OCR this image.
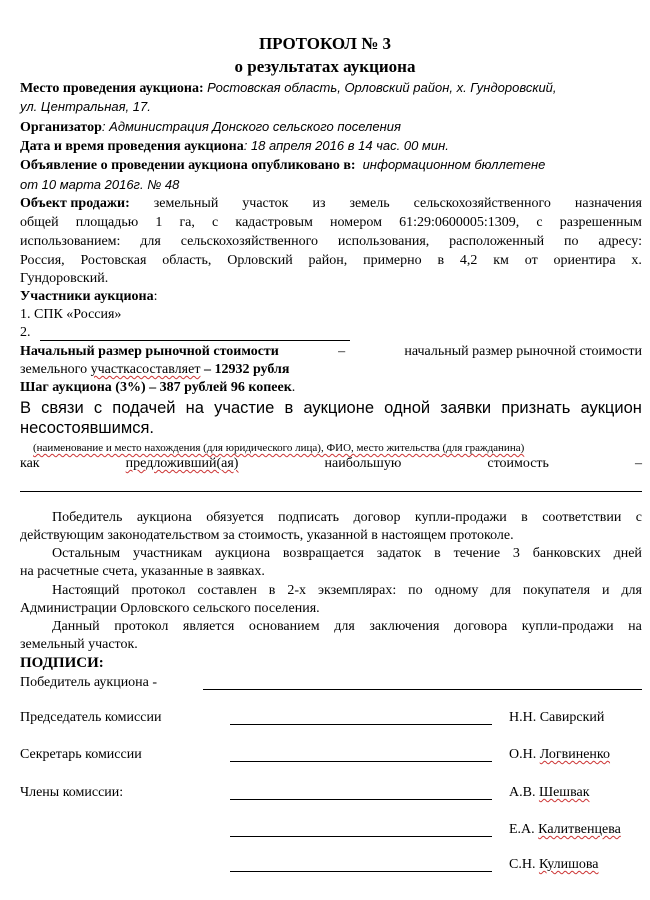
ПРОТОКОЛ № 3
о результатах аукциона
Место проведения аукциона: Ростовская область, Орловский район, х. Гундоровский,
ул. Центральная, 17.
Организатор: Администрация Донского сельского поселения
Дата и время проведения аукциона: 18 апреля 2016 в 14 час. 00 мин.
Объявление о проведении аукциона опубликовано в: информационном бюллетене
от 10 марта 2016г. № 48
Объект продажи: земельный участок из земель сельскохозяйственного назначения
общей площадью 1 га, с кадастровым номером 61:29:0600005:1309, с разрешенным
использованием: для сельскохозяйственного использования, расположенный по адресу:
Россия, Ростовская область, Орловский район, примерно в 4,2 км от ориентира х.
Гундоровский.
Участники аукциона:
1. СПК «Россия»
2.
Начальный размер рыночной стоимости	–	начальный размер рыночной стоимости
земельного участкасоставляет – 12932 рубля
Шаг аукциона (3%) – 387 рублей 96 копеек.
В связи с подачей на участие в аукционе одной заявки признать аукцион
несостоявшимся.
(наименование и место нахождения (для юридического лица), ФИО, место жительства (для гражданина)
как	предложивший(ая)	наибольшую	стоимость	–
Победитель аукциона обязуется подписать договор купли-продажи в соответствии с
действующим законодательством за стоимость, указанной в настоящем протоколе.
Остальным участникам аукциона возвращается задаток в течение 3 банковских дней
на расчетные счета, указанные в заявках.
Настоящий протокол составлен в 2-х экземплярах: по одному для покупателя и для
Администрации Орловского сельского поселения.
Данный протокол является основанием для заключения договора купли-продажи на
земельный участок.
ПОДПИСИ:
Победитель аукциона -
Председатель комиссии	Н.Н. Савирский
Секретарь комиссии	О.Н. Логвиненко
Члены комиссии:	А.В. Шешвак
Е.А. Калитвенцева
С.Н. Кулишова
